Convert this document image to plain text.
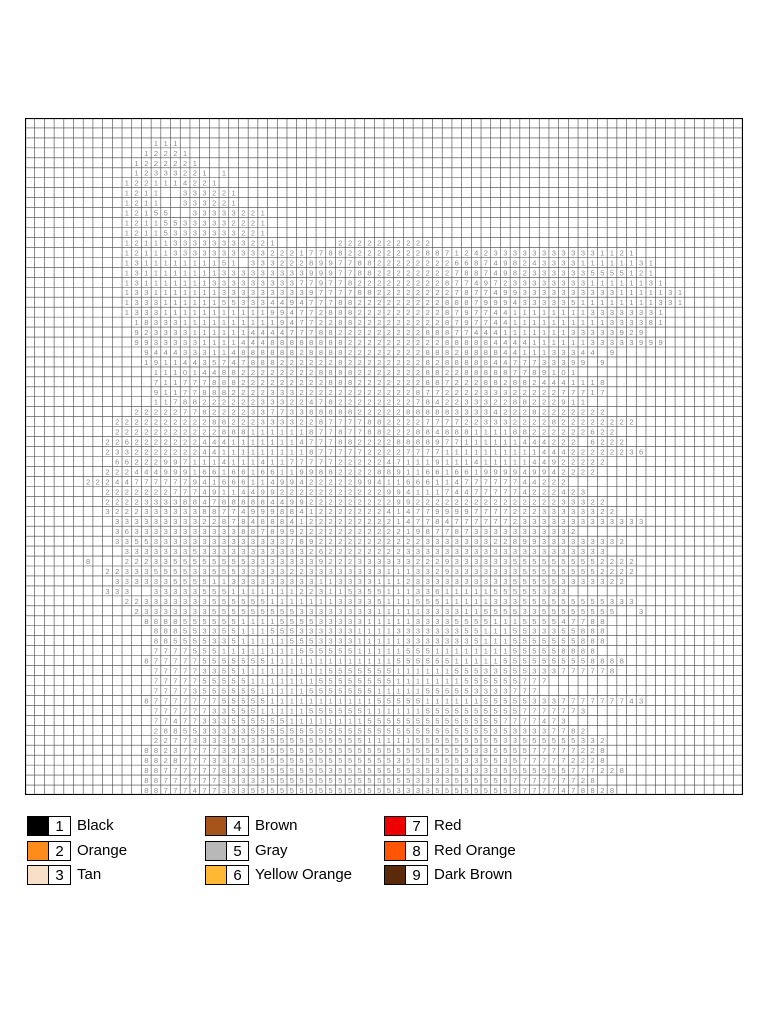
1 1 1
1 2 2 2 1
1 2 2 2 2 2 1
1 2 3 3 3 2 2 1 1
1 2 2 1 1 1 4 2 2 1
1 2 1 1	3 3 3 2 2 1
1 2 1 1	3 3 3 2 2 1
1 2 1 5 5	3 3 3 3 3 2 2 1
1 2 1 1 5 5 3 3 3 3 3 2 2 2 1
1 2 1 1 5 3 3 3 3 3 3 3 2 2 1
1 2 1 1 1 3 3 3 3 3 3 3 3 2 2 1	2 2 2 2 2 2 2 2 2 2
1 2 1 1 1 3 3 3 3 3 3 3 3 3 3 2 2 2 1 7 7 8 8 2 2 2 2 2 2 2 2 8 8 7 1 2 4 2 3 3 3 3 3 3 3 3 3 3 3 1 1 2 1
1 3 1 1 1 1 1 1 1 1 5 1 3 3 3 2 2 2 8 9 9 7 7 8 8 2 2 2 2 2 2 2 2 6 6 8 7 4 9 8 2 4 3 3 3 3 1 1 1 1 1 1 3 1
1 3 1 1 1 1 1 1 1 1 3 3 3 3 3 3 3 3 3 9 9 9 7 7 8 8 2 2 2 2 2 2 2 2 7 8 8 7 4 9 8 2 3 3 3 3 3 3 5 5 5 5 1 2 1
1 3 1 1 1 1 1 1 1 3 3 3 3 3 3 3 3 3 7 7 9 7 7 8 2 2 2 2 2 2 2 2 2 8 7 7 4 9 7 2 3 3 3 3 3 3 3 3 1 1 1 1 1 1 3 1
1 3 3 1 1 1 1 1 1 1 3 3 3 3 3 3 3 3 3 9 7 7 7 7 8 8 2 2 2 2 2 2 2 2 7 8 7 7 4 9 9 3 3 3 3 3 3 3 3 3 3 1 1 1 1 1 3 1
1 3 3 3 1 1 1 1 1 1 5 5 3 3 3 4 4 9 4 7 7 7 8 8 2 2 2 2 2 2 2 2 2 8 8 8 7 9 9 9 4 3 3 3 3 3 5 1 1 1 1 1 1 1 1 3 3 1
1 3 3 3 1 1 1 1 1 1 1 1 1 1 1 9 9 4 7 7 2 8 8 8 2 2 2 2 2 2 2 2 2 8 7 9 7 7 4 4 1 1 1 1 1 1 1 1 3 3 3 3 3 3 3 1
1 8 3 3 3 1 1 1 1 1 1 1 1 1 1 9 4 7 7 2 2 8 8 2 2 2 2 2 2 2 2 2 8 7 9 7 7 4 4 1 1 1 1 1 1 1 1 1 1 3 3 3 3 8 1
9 2 3 3 3 3 1 1 1 1 1 1 4 4 4 4 7 7 7 8 8 2 2 2 2 2 2 2 2 2 8 8 8 7 7 4 4 4 1 1 1 1 1 1 1 3 3 3 3 3 9 2 9
9 9 3 3 3 3 3 1 1 1 1 4 4 4 8 8 8 8 8 8 8 8 2 2 2 2 2 2 2 2 2 2 8 8 8 8 8 4 4 4 4 1 1 1 1 1 1 3 3 3 3 3 9 9 9
9 4 4 4 3 3 3 1 1 4 8 8 8 8 8 8 2 8 8 8 8 2 2 2 2 2 2 2 2 8 8 8 2 8 8 8 8 4 4 1 1 1 3 3 3 4 4 9
1 9 1 1 4 4 3 5 7 4 7 8 8 8 2 2 2 2 2 2 8 2 2 2 2 2 2 2 2 8 2 8 8 8 8 8 4 4 7 7 7 3 3 3 9 9 9
1 1 1 0 1 4 4 8 8 2 2 2 2 2 2 2 2 8 8 8 8 2 2 2 2 2 2 2 8 8 2 2 8 8 8 8 8 7 7 8 9 1 0 1
7 1 1 7 7 7 8 8 8 2 2 2 2 2 2 2 2 2 8 8 8 2 2 2 2 2 2 2 8 8 7 2 2 2 8 8 2 8 8 2 4 4 4 1 1 1 8
9 1 1 7 7 8 8 8 2 2 2 2 3 3 3 2 2 2 2 2 2 2 2 2 2 2 2 8 7 7 2 2 2 2 3 3 3 2 2 2 2 2 7 7 7 1 7
1 1 7 8 8 2 2 2 2 2 2 3 3 3 2 2 4 7 8 2 2 2 2 2 2 2 2 7 8 4 2 2 3 3 3 2 2 8 8 2 2 2 9 1 1
2 2 2 2 2 7 7 8 2 2 2 2 3 3 7 7 3 3 8 8 8 8 8 2 2 2 2 2 8 8 8 8 8 3 3 3 3 4 2 2 2 8 2 2 2 2 2 2 2
2 2 2 2 2 2 2 2 2 2 8 8 2 2 2 3 3 3 3 2 2 8 7 7 7 7 8 8 2 2 2 2 7 7 7 7 2 2 3 3 3 2 2 2 2 8 2 2 2 2 2 2 2 2
2 2 2 2 2 2 2 2 2 2 2 8 8 8 1 1 1 1 1 1 8 7 7 8 7 7 8 8 2 2 2 8 8 4 8 8 8 1 1 1 1 8 8 2 2 2 2 2 2 6 2 2
2 2 6 2 2 2 2 2 2 2 4 4 4 1 1 1 1 1 1 1 4 7 7 7 8 8 2 2 2 2 8 8 8 8 9 7 7 1 1 1 1 1 1 4 4 4 2 2 2 6 2 2 2
2 3 3 2 2 2 2 2 2 2 4 4 1 1 1 1 1 1 1 1 1 8 7 7 7 7 7 2 2 2 2 7 7 7 7 1 1 1 1 1 1 1 1 1 1 4 4 4 2 2 2 2 2 2 3 6
6 6 2 2 2 9 9 7 1 1 1 4 1 1 1 4 1 1 7 7 7 7 7 2 2 2 2 2 4 7 1 1 1 9 1 1 1 4 1 1 1 1 1 4 4 9 2 2 2 2 2
2 2 2 4 4 4 9 9 9 1 6 6 1 6 6 1 6 6 1 1 9 9 8 8 2 2 2 2 8 8 9 1 1 6 6 1 6 6 1 9 9 9 9 4 9 9 4 2 2 2 2
2 2 2 4 4 7 7 7 7 7 7 9 4 1 6 6 6 1 1 4 9 9 4 2 2 2 2 2 9 9 4 1 1 6 6 6 1 1 4 7 7 7 7 7 7 4 4 2 2 2
2 2 2 2 2 2 2 7 7 7 4 9 1 1 4 4 9 9 2 2 2 2 2 2 2 2 2 2 2 9 9 4 1 1 1 7 4 4 7 7 7 7 7 4 2 2 2 4 2 3
2 2 2 2 3 3 3 3 8 8 4 7 8 8 8 8 8 4 4 9 9 2 2 2 2 2 2 2 2 2 9 9 2 2 2 2 2 2 2 2 2 2 2 2 2 2 2 3 3 3 2 2
3 2 2 2 3 3 3 3 3 3 8 8 7 7 4 9 9 9 8 8 4 1 2 2 2 2 2 2 2 4 1 4 7 7 9 9 9 9 7 7 7 7 2 2 2 3 3 3 3 3 3 2 2
3 3 3 3 3 3 3 3 3 2 2 8 7 8 4 8 8 8 4 1 2 2 2 2 2 2 2 2 2 1 4 7 7 8 4 7 7 7 7 7 7 2 3 3 3 3 3 3 3 3 3 3 3 3 3
3 6 3 3 3 3 3 3 3 3 3 3 3 8 8 7 8 9 9 2 2 2 2 2 2 2 2 2 2 2 1 9 8 7 7 8 7 3 3 3 3 3 3 3 3 3 3 2
3 3 5 5 3 3 3 3 3 3 3 3 3 3 3 3 3 3 7 8 9 2 2 2 2 2 2 2 2 2 2 2 3 3 3 3 3 3 3 2 2 8 9 9 3 3 3 3 3 3 3 3 2
3 3 3 3 3 3 3 5 3 3 3 3 3 3 3 3 3 3 3 2 6 2 2 2 2 2 2 2 2 3 3 3 3 3 3 3 3 3 3 3 3 3 3 3 3 3 3 3 3 3
8	2 2 2 3 3 5 5 5 5 5 5 5 5 3 3 3 3 3 3 3 9 2 2 2 3 3 3 3 3 3 2 2 2 9 3 3 3 3 3 3 5 5 5 5 5 5 5 5 5 2 2 2 2
2 2 3 3 3 5 5 5 5 3 3 5 5 5 3 3 3 3 3 2 2 3 3 3 3 3 3 3 3 1 1 1 3 3 2 9 3 3 3 3 3 3 3 5 5 5 5 5 5 5 5 2 2 2 2
3 3 3 3 3 3 5 5 5 5 1 1 3 3 3 3 3 3 3 3 3 1 1 3 3 3 3 1 1 1 2 3 3 3 3 3 3 3 3 3 3 5 5 5 5 5 3 3 3 3 3 2 2
3 3 3	3 3 3 3 3 5 5 5 1 1 1 1 1 1 1 2 2 3 1 1 5 3 5 5 1 1 1 3 3 6 1 1 1 1 1 5 5 5 5 5 3 3 3
2 2 3 3 3 3 3 3 3 5 5 5 5 5 5 1 1 1 1 1 1 1 3 3 3 3 5 1 1 1 5 5 5 1 1 1 1 1 3 3 3 5 5 5 5 5 5 5 5 5 3 3 3
2 3 3 3 3 3 3 3 5 5 5 5 5 5 5 5 5 3 3 3 3 3 3 3 3 1 1 1 1 1 3 3 3 3 1 1 5 5 5 5 3 3 5 5 5 5 5 5 5 5	3
8 8 8 8 5 5 5 5 5 5 1 1 1 1 5 5 5 5 3 3 3 3 3 1 1 1 1 1 3 3 3 3 5 5 5 5 1 1 1 5 5 5 5 4 7 7 8 8
8 8 8 5 5 3 3 5 5 1 1 1 5 5 5 3 3 3 3 3 3 1 1 1 1 3 3 3 3 3 3 3 5 5 1 1 1 5 5 3 3 3 5 5 8 8 8
8 8 5 5 5 5 3 3 5 1 1 1 1 1 5 5 5 3 3 3 3 1 1 1 1 1 3 3 3 3 3 3 3 5 1 1 1 5 5 5 5 5 5 5 8 8 8
7 7 7 7 5 5 5 1 1 1 1 1 1 1 1 5 5 5 5 5 5 1 1 1 1 1 5 5 5 1 1 1 1 1 1 1 1 5 5 5 5 5 8 8 8 8
8 7 7 7 7 7 5 5 5 5 5 5 5 1 1 1 1 1 1 1 1 1 1 1 1 1 5 5 5 5 5 5 1 1 1 1 1 5 5 5 5 5 5 5 5 5 8 8 8 8
7 7 7 7 7 3 3 5 5 1 1 1 1 1 1 1 1 1 5 5 5 5 5 5 5 1 1 1 1 1 1 5 5 5 3 3 5 5 5 3 3 3 7 7 7 7 7 8
7 7 7 7 7 5 5 5 5 5 1 1 1 1 1 1 1 5 5 5 5 5 5 5 5 1 1 1 1 1 1 1 5 5 5 5 5 5 7 7 7
7 7 7 7 3 5 5 5 5 5 5 1 1 1 1 1 5 5 5 5 5 5 5 1 1 1 1 1 5 5 5 5 5 3 3 3 3 7 7 7
8 7 7 7 7 7 7 7 5 5 5 5 5 1 1 1 1 1 1 1 1 1 1 1 5 5 5 5 5 1 1 1 1 1 1 5 5 5 5 5 3 3 3 7 7 7 7 7 7 7 4 3
7 7 7 7 7 7 3 3 5 5 5 1 1 1 1 1 5 5 5 5 5 5 1 1 1 1 1 1 5 5 5 5 5 5 5 5 5 5 7 7 7 7 7 7 3
7 7 4 7 7 3 3 3 5 5 5 5 5 5 1 1 1 1 1 1 1 1 5 5 5 5 5 5 5 5 5 5 5 5 5 5 7 7 7 7 4 7 3
2 8 8 5 5 3 3 3 3 3 5 5 5 5 5 5 5 5 5 5 5 5 5 5 5 5 5 5 5 5 5 5 5 5 5 3 5 3 3 3 3 7 7 8 2
2 2 7 7 3 3 3 3 5 5 3 3 5 5 5 5 5 5 5 5 5 5 1 1 1 1 1 5 5 5 5 5 5 5 5 5 3 3 5 5 5 5 5 5 3 3 2
8 8 2 3 7 7 7 7 3 3 3 3 5 5 5 5 5 5 5 5 5 5 5 5 5 5 5 5 5 5 5 5 5 5 3 3 5 5 5 5 7 7 7 7 7 2 2 8
8 8 2 8 7 7 7 3 3 7 3 5 5 5 5 5 5 5 5 5 5 5 5 5 5 5 3 5 5 5 5 5 5 3 3 5 5 3 5 7 7 7 7 7 2 2 2 8
8 8 7 7 7 7 7 7 8 3 3 3 5 5 5 5 5 5 5 3 5 5 5 5 5 5 5 5 3 5 3 3 5 3 3 3 3 5 5 5 5 5 5 5 7 7 7 2 2 8
8 8 7 7 7 7 7 7 3 3 3 3 3 5 5 5 5 5 5 5 5 5 5 5 5 5 5 5 3 3 3 3 5 5 5 5 5 5 7 7 7 7 7 7 7 2 8
8 8 7 7 7 4 7 7 3 3 3 5 5 5 5 5 5 5 5 5 5 5 5 5 5 5 3 3 3 3 5 5 5 5 5 5 5 5 3 7 7 7 7 4 7 8 8 2 8
1 Black
2 Orange
3 Tan
4 Brown
5 Gray
6 Yellow Orange
7 Red
8 Red Orange
9 Dark Brown
